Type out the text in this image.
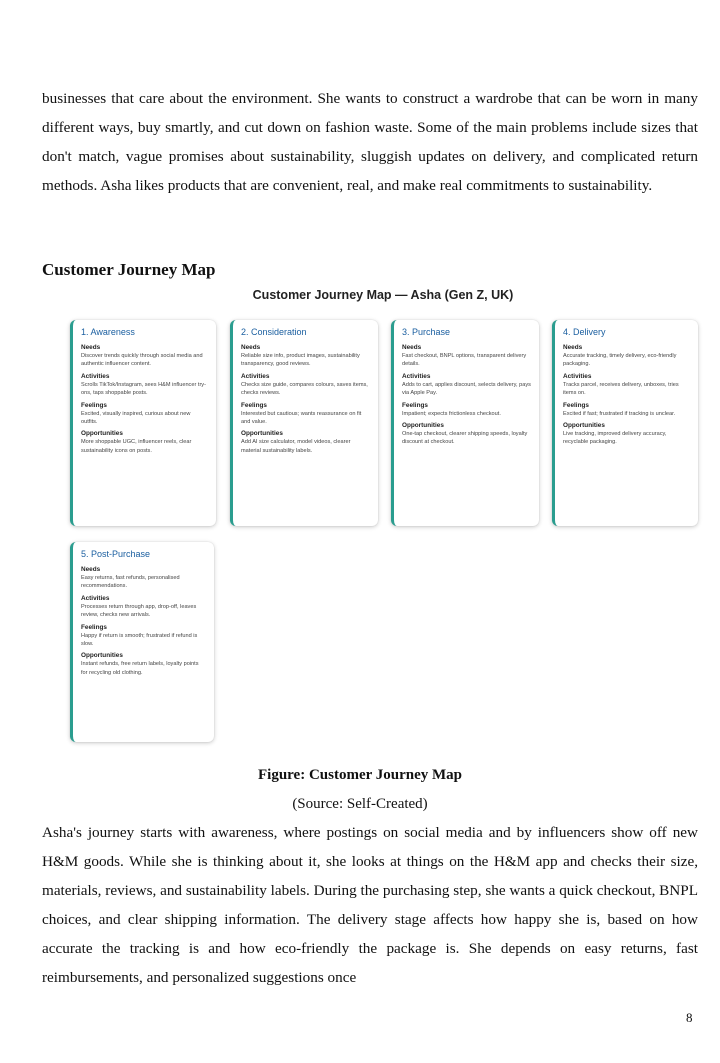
businesses that care about the environment. She wants to construct a wardrobe that can be worn in many different ways, buy smartly, and cut down on fashion waste. Some of the main problems include sizes that don't match, vague promises about sustainability, sluggish updates on delivery, and complicated return methods. Asha likes products that are convenient, real, and make real commitments to sustainability.

Customer Journey Map
Customer Journey Map — Asha (Gen Z, UK)
1. Awareness
Needs
Discover trends quickly through social media and authentic influencer content.
Activities
Scrolls TikTok/Instagram, sees H&M influencer try-ons, taps shoppable posts.
Feelings
Excited, visually inspired, curious about new outfits.
Opportunities
More shoppable UGC, influencer reels, clear sustainability icons on posts.
2. Consideration
Needs
Reliable size info, product images, sustainability transparency, good reviews.
Activities
Checks size guide, compares colours, saves items, checks reviews.
Feelings
Interested but cautious; wants reassurance on fit and value.
Opportunities
Add AI size calculator, model videos, clearer material sustainability labels.
3. Purchase
Needs
Fast checkout, BNPL options, transparent delivery details.
Activities
Adds to cart, applies discount, selects delivery, pays via Apple Pay.
Feelings
Impatient; expects frictionless checkout.
Opportunities
One-tap checkout, clearer shipping speeds, loyalty discount at checkout.
4. Delivery
Needs
Accurate tracking, timely delivery, eco-friendly packaging.
Activities
Tracks parcel, receives delivery, unboxes, tries items on.
Feelings
Excited if fast; frustrated if tracking is unclear.
Opportunities
Live tracking, improved delivery accuracy, recyclable packaging.
5. Post-Purchase
Needs
Easy returns, fast refunds, personalised recommendations.
Activities
Processes return through app, drop-off, leaves review, checks new arrivals.
Feelings
Happy if return is smooth; frustrated if refund is slow.
Opportunities
Instant refunds, free return labels, loyalty points for recycling old clothing.

Figure: Customer Journey Map

(Source: Self-Created)

Asha's journey starts with awareness, where postings on social media and by influencers show off new H&M goods. While she is thinking about it, she looks at things on the H&M app and checks their size, materials, reviews, and sustainability labels. During the purchasing step, she wants a quick checkout, BNPL choices, and clear shipping information. The delivery stage affects how happy she is, based on how accurate the tracking is and how eco-friendly the package is. She depends on easy returns, fast reimbursements, and personalized suggestions once

8
